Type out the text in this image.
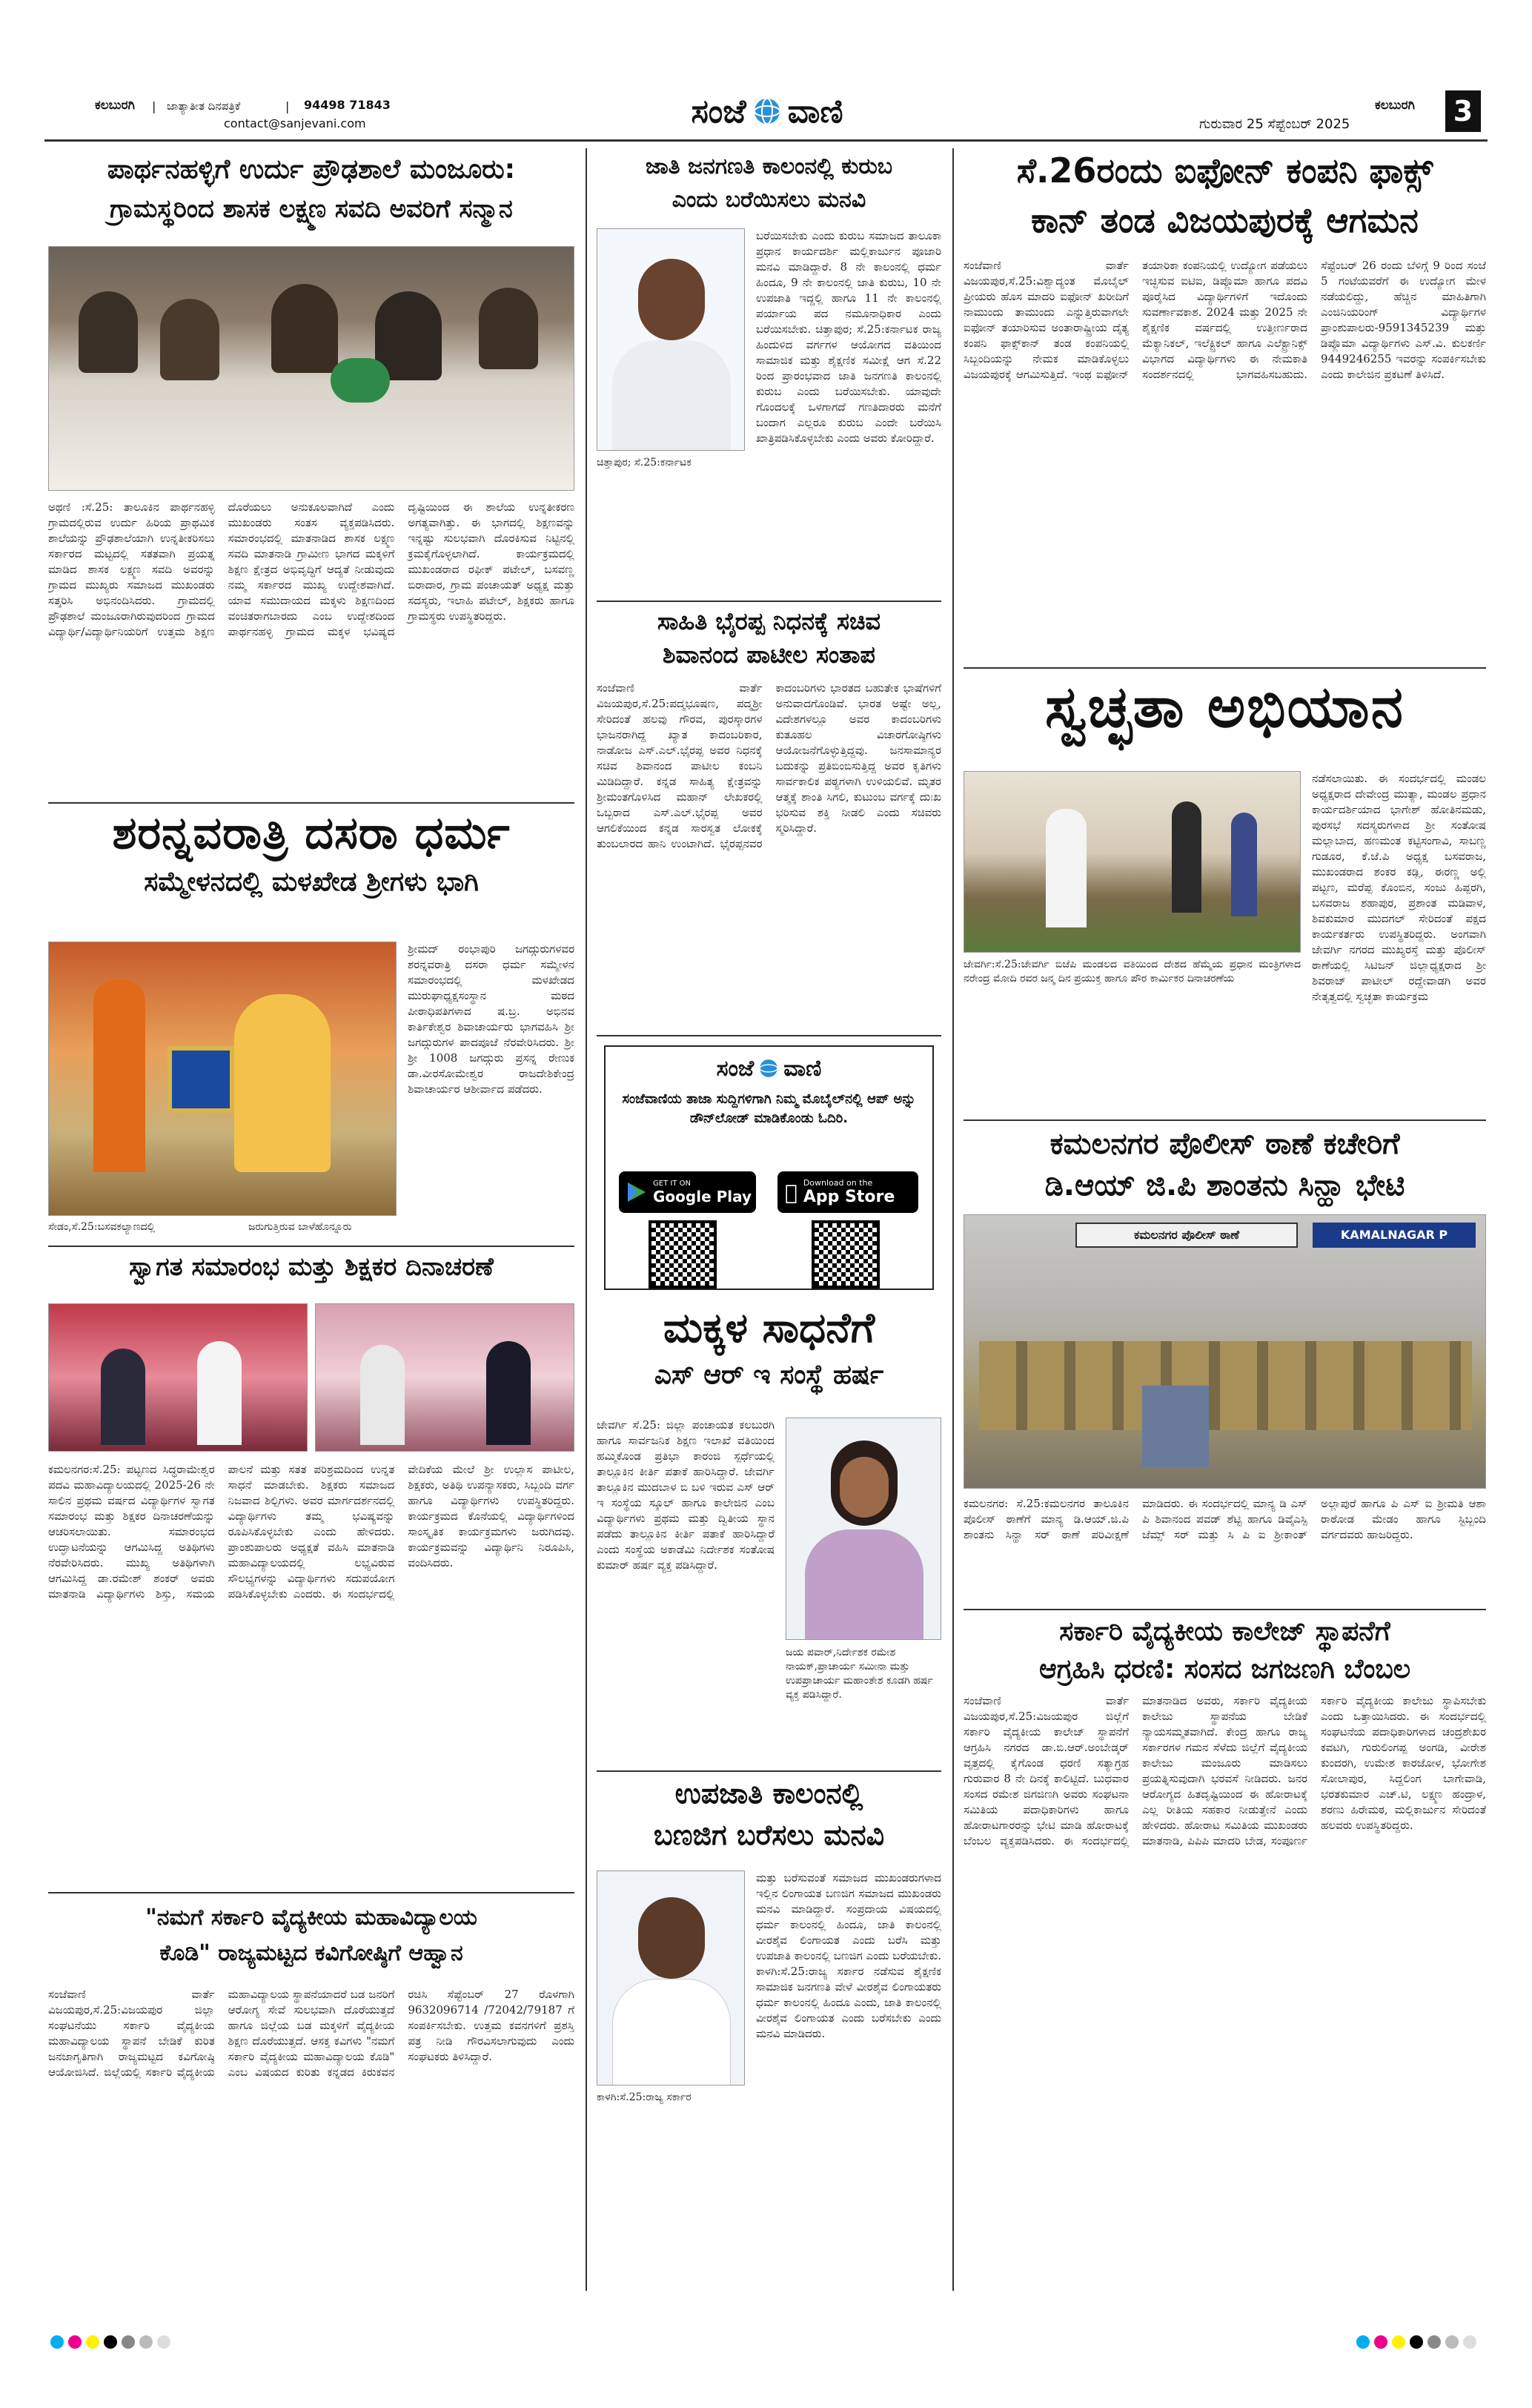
ಕಲಬುರಗಿ | ಜಾತ್ಯಾತೀತ ದಿನಪತ್ರಿಕೆ	| 94498 71843
contact@sanjevani.com	ಸಂಜೆ ವಾಣಿ	ಗುರುವಾರ 25 ಸೆಪ್ಟೆಂಬರ್ 2025
ಕಲಬುರಗಿ 3
ಪಾರ್ಥನಹಳ್ಳಿಗೆ ಉರ್ದು ಪ್ರೌಢಶಾಲೆ ಮಂಜೂರು:
ಗ್ರಾಮಸ್ಥರಿಂದ ಶಾಸಕ ಲಕ್ಷ್ಮಣ ಸವದಿ ಅವರಿಗೆ ಸನ್ಮಾನ
ಅಥಣಿ :ಸೆ.25: ತಾಲೂಕಿನ ಪಾರ್ಥನಹಳ್ಳಿ ಗ್ರಾಮದಲ್ಲಿರುವ ಉರ್ದು ಹಿರಿಯ ಪ್ರಾಥಮಿಕ ಶಾಲೆಯನ್ನು ಪ್ರೌಢಶಾಲೆಯಾಗಿ ಉನ್ನತೀಕರಿಸಲು ಸರ್ಕಾರದ ಮಟ್ಟದಲ್ಲಿ ಸತತವಾಗಿ ಪ್ರಯತ್ನ ಮಾಡಿದ ಶಾಸಕ ಲಕ್ಷ್ಮಣ ಸವದಿ ಅವರನ್ನು ಗ್ರಾಮದ ಮುಖ್ಯರು ಸಮಾಜದ ಮುಖಂಡರು ಸತ್ಕರಿಸಿ ಅಭಿನಂದಿಸಿದರು. ಗ್ರಾಮದಲ್ಲಿ ಪ್ರೌಢಶಾಲೆ ಮಂಜೂರಾಗಿರುವುದರಿಂದ ಗ್ರಾಮದ ವಿದ್ಯಾರ್ಥಿ/ವಿದ್ಯಾರ್ಥಿನಿಯರಿಗೆ ಉತ್ತಮ ಶಿಕ್ಷಣ ದೊರೆಯಲು ಅನುಕೂಲವಾಗಿದೆ ಎಂದು ಮುಖಂಡರು ಸಂತಸ ವ್ಯಕ್ತಪಡಿಸಿದರು. ಸಮಾರಂಭದಲ್ಲಿ ಮಾತನಾಡಿದ ಶಾಸಕ ಲಕ್ಷ್ಮಣ ಸವದಿ ಮಾತನಾಡಿ ಗ್ರಾಮೀಣ ಭಾಗದ ಮಕ್ಕಳಿಗೆ ಶಿಕ್ಷಣ ಕ್ಷೇತ್ರದ ಅಭಿವೃದ್ಧಿಗೆ ಆದ್ಯತೆ ನೀಡುವುದು ನಮ್ಮ ಸರ್ಕಾರದ ಮುಖ್ಯ ಉದ್ದೇಶವಾಗಿದೆ. ಯಾವ ಸಮುದಾಯದ ಮಕ್ಕಳು ಶಿಕ್ಷಣದಿಂದ ವಂಚಿತರಾಗಬಾರದು ಎಂಬ ಉದ್ದೇಶದಿಂದ ಪಾರ್ಥನಹಳ್ಳಿ ಗ್ರಾಮದ ಮಕ್ಕಳ ಭವಿಷ್ಯದ ದೃಷ್ಟಿಯಿಂದ ಈ ಶಾಲೆಯ ಉನ್ನತೀಕರಣ ಅಗತ್ಯವಾಗಿತ್ತು. ಈ ಭಾಗದಲ್ಲಿ ಶಿಕ್ಷಣವನ್ನು ಇನ್ನಷ್ಟು ಸುಲಭವಾಗಿ ದೊರಕಿಸುವ ನಿಟ್ಟಿನಲ್ಲಿ ಕ್ರಮಕೈಗೊಳ್ಳಲಾಗಿದೆ. ಕಾರ್ಯಕ್ರಮದಲ್ಲಿ ಮುಖಂಡರಾದ ರಫೀಕ್ ಪಟೇಲ್, ಬಸವಣ್ಣ ಬಿರಾದಾರ, ಗ್ರಾಮ ಪಂಚಾಯತ್ ಅಧ್ಯಕ್ಷ ಮತ್ತು ಸದಸ್ಯರು, ಇಲಾಹಿ ಪಟೇಲ್, ಶಿಕ್ಷಕರು ಹಾಗೂ ಗ್ರಾಮಸ್ಥರು ಉಪಸ್ಥಿತರಿದ್ದರು.
ಶರನ್ನವರಾತ್ರಿ ದಸರಾ ಧರ್ಮ
ಸಮ್ಮೇಳನದಲ್ಲಿ ಮಳಖೇಡ ಶ್ರೀಗಳು ಭಾಗಿ
ಶ್ರೀಮದ್ ರಂಭಾಪುರಿ ಜಗದ್ಗುರುಗಳವರ ಶರನ್ನವರಾತ್ರಿ ದಸರಾ ಧರ್ಮ ಸಮ್ಮೇಳನ ಸಮಾರಂಭದಲ್ಲಿ ಮಳಖೇಡದ ಮುರುಘಾಧ್ಯಕ್ಷಸಂಸ್ಥಾನ ಮಠದ ಪೀಠಾಧಿಪತಿಗಳಾದ ಷ.ಬ್ರ. ಅಭಿನವ ಕಾರ್ತಿಕೇಶ್ವರ ಶಿವಾಚಾರ್ಯರು ಭಾಗವಹಿಸಿ ಶ್ರೀ ಜಗದ್ಗುರುಗಳ ಪಾದಪೂಜೆ ನೆರವೇರಿಸಿದರು. ಶ್ರೀ ಶ್ರೀ 1008 ಜಗದ್ಗುರು ಪ್ರಸನ್ನ ರೇಣುಕ ಡಾ.ವೀರಸೋಮೇಶ್ವರ ರಾಜದೇಶಿಕೇಂದ್ರ ಶಿವಾಚಾರ್ಯರ ಆಶೀರ್ವಾದ ಪಡೆದರು.
ಸೇಡಂ,ಸೆ.25:ಬಸವಕಲ್ಯಾಣದಲ್ಲಿ	ಜರುಗುತ್ತಿರುವ ಬಾಳೆಹೊನ್ನೂರು
ಸ್ವಾಗತ ಸಮಾರಂಭ ಮತ್ತು ಶಿಕ್ಷಕರ ದಿನಾಚರಣೆ
ಕಮಲನಗರ:ಸೆ.25: ಪಟ್ಟಣದ ಸಿದ್ಧರಾಮೇಶ್ವರ ಪದವಿ ಮಹಾವಿದ್ಯಾಲಯದಲ್ಲಿ 2025-26 ನೇ ಸಾಲಿನ ಪ್ರಥಮ ವರ್ಷದ ವಿದ್ಯಾರ್ಥಿಗಳ ಸ್ವಾಗತ ಸಮಾರಂಭ ಮತ್ತು ಶಿಕ್ಷಕರ ದಿನಾಚರಣೆಯನ್ನು ಆಚರಿಸಲಾಯಿತು. ಸಮಾರಂಭದ ಉದ್ಘಾಟನೆಯನ್ನು ಆಗಮಿಸಿದ್ದ ಅತಿಥಿಗಳು ನೆರವೇರಿಸಿದರು. ಮುಖ್ಯ ಅತಿಥಿಗಳಾಗಿ ಆಗಮಿಸಿದ್ದ ಡಾ.ರಮೇಶ್ ಶಂಕರ್ ಅವರು ಮಾತನಾಡಿ ವಿದ್ಯಾರ್ಥಿಗಳು ಶಿಸ್ತು, ಸಮಯ ಪಾಲನೆ ಮತ್ತು ಸತತ ಪರಿಶ್ರಮದಿಂದ ಉನ್ನತ ಸಾಧನೆ ಮಾಡಬೇಕು. ಶಿಕ್ಷಕರು ಸಮಾಜದ ನಿಜವಾದ ಶಿಲ್ಪಿಗಳು. ಅವರ ಮಾರ್ಗದರ್ಶನದಲ್ಲಿ ವಿದ್ಯಾರ್ಥಿಗಳು ತಮ್ಮ ಭವಿಷ್ಯವನ್ನು ರೂಪಿಸಿಕೊಳ್ಳಬೇಕು ಎಂದು ಹೇಳಿದರು. ಪ್ರಾಂಶುಪಾಲರು ಅಧ್ಯಕ್ಷತೆ ವಹಿಸಿ ಮಾತನಾಡಿ ಮಹಾವಿದ್ಯಾಲಯದಲ್ಲಿ ಲಭ್ಯವಿರುವ ಸೌಲಭ್ಯಗಳನ್ನು ವಿದ್ಯಾರ್ಥಿಗಳು ಸದುಪಯೋಗ ಪಡಿಸಿಕೊಳ್ಳಬೇಕು ಎಂದರು. ಈ ಸಂದರ್ಭದಲ್ಲಿ ವೇದಿಕೆಯ ಮೇಲೆ ಶ್ರೀ ಉಲ್ಲಾಸ ಪಾಟೀಲ, ಶಿಕ್ಷಕರು, ಅತಿಥಿ ಉಪನ್ಯಾಸಕರು, ಸಿಬ್ಬಂದಿ ವರ್ಗ ಹಾಗೂ ವಿದ್ಯಾರ್ಥಿಗಳು ಉಪಸ್ಥಿತರಿದ್ದರು. ಕಾರ್ಯಕ್ರಮದ ಕೊನೆಯಲ್ಲಿ ವಿದ್ಯಾರ್ಥಿಗಳಿಂದ ಸಾಂಸ್ಕೃತಿಕ ಕಾರ್ಯಕ್ರಮಗಳು ಜರುಗಿದವು. ಕಾರ್ಯಕ್ರಮವನ್ನು ವಿದ್ಯಾರ್ಥಿನಿ ನಿರೂಪಿಸಿ, ವಂದಿಸಿದರು.
"ನಮಗೆ ಸರ್ಕಾರಿ ವೈದ್ಯಕೀಯ ಮಹಾವಿದ್ಯಾಲಯ
ಕೊಡಿ" ರಾಜ್ಯಮಟ್ಟದ ಕವಿಗೋಷ್ಠಿಗೆ ಆಹ್ವಾನ
ಸಂಜೆವಾಣಿ ವಾರ್ತೆ ವಿಜಯಪುರ,ಸೆ.25:ವಿಜಯಪುರ ಜಿಲ್ಲಾ ಸಂಘಟನೆಯು ಸರ್ಕಾರಿ ವೈದ್ಯಕೀಯ ಮಹಾವಿದ್ಯಾಲಯ ಸ್ಥಾಪನೆ ಬೇಡಿಕೆ ಕುರಿತ ಜನಜಾಗೃತಿಗಾಗಿ ರಾಜ್ಯಮಟ್ಟದ ಕವಿಗೋಷ್ಠಿ ಆಯೋಜಿಸಿದೆ. ಜಿಲ್ಲೆಯಲ್ಲಿ ಸರ್ಕಾರಿ ವೈದ್ಯಕೀಯ ಮಹಾವಿದ್ಯಾಲಯ ಸ್ಥಾಪನೆಯಾದರೆ ಬಡ ಜನರಿಗೆ ಆರೋಗ್ಯ ಸೇವೆ ಸುಲಭವಾಗಿ ದೊರೆಯುತ್ತದೆ ಹಾಗೂ ಜಿಲ್ಲೆಯ ಬಡ ಮಕ್ಕಳಿಗೆ ವೈದ್ಯಕೀಯ ಶಿಕ್ಷಣ ದೊರೆಯುತ್ತದೆ. ಆಸಕ್ತ ಕವಿಗಳು "ನಮಗೆ ಸರ್ಕಾರಿ ವೈದ್ಯಕೀಯ ಮಹಾವಿದ್ಯಾಲಯ ಕೊಡಿ" ಎಂಬ ವಿಷಯದ ಕುರಿತು ಕನ್ನಡದ ಕಿರುಕವನ ರಚಿಸಿ ಸೆಪ್ಟೆಂಬರ್ 27 ರೊಳಗಾಗಿ 9632096714 /72042/79187 ಗೆ ಸಂಪರ್ಕಿಸಬೇಕು. ಉತ್ತಮ ಕವನಗಳಿಗೆ ಪ್ರಶಸ್ತಿ ಪತ್ರ ನೀಡಿ ಗೌರವಿಸಲಾಗುವುದು ಎಂದು ಸಂಘಟಕರು ತಿಳಿಸಿದ್ದಾರೆ.
ಜಾತಿ ಜನಗಣತಿ ಕಾಲಂನಲ್ಲಿ ಕುರುಬ
ಎಂದು ಬರೆಯಿಸಲು ಮನವಿ
ಚಿತ್ತಾಪುರ; ಸೆ.25:ಕರ್ನಾಟಕ
ಬರೆಯಿಸಬೇಕು ಎಂದು ಕುರುಬ ಸಮಾಜದ ತಾಲೂಕಾ ಪ್ರಧಾನ ಕಾರ್ಯದರ್ಶಿ ಮಲ್ಲಿಕಾರ್ಜುನ ಪೂಜಾರಿ ಮನವಿ ಮಾಡಿದ್ದಾರೆ. 8 ನೇ ಕಾಲಂನಲ್ಲಿ ಧರ್ಮ ಹಿಂದೂ, 9 ನೇ ಕಾಲಂನಲ್ಲಿ ಜಾತಿ ಕುರುಬ, 10 ನೇ ಉಪಜಾತಿ ಇದ್ದಲ್ಲಿ ಹಾಗೂ 11 ನೇ ಕಾಲಂನಲ್ಲಿ ಪರ್ಯಾಯ ಪದ ನಮೂನಾಧಿಕಾರ ಎಂದು ಬರೆಯಿಸಬೇಕು. ಚಿತ್ತಾಪುರ; ಸೆ.25:ಕರ್ನಾಟಕ ರಾಜ್ಯ ಹಿಂದುಳಿದ ವರ್ಗಗಳ ಆಯೋಗದ ವತಿಯಿಂದ ಸಾಮಾಜಿಕ ಮತ್ತು ಶೈಕ್ಷಣಿಕ ಸಮೀಕ್ಷೆ ಆಗ ಸೆ.22 ರಿಂದ ಪ್ರಾರಂಭವಾದ ಜಾತಿ ಜನಗಣತಿ ಕಾಲಂನಲ್ಲಿ ಕುರುಬ ಎಂದು ಬರೆಯಿಸಬೇಕು. ಯಾವುದೇ ಗೊಂದಲಕ್ಕೆ ಒಳಗಾಗದೆ ಗಣತಿದಾರರು ಮನೆಗೆ ಬಂದಾಗ ಎಲ್ಲರೂ ಕುರುಬ ಎಂದೇ ಬರೆಯಿಸಿ ಖಾತ್ರಿಪಡಿಸಿಕೊಳ್ಳಬೇಕು ಎಂದು ಅವರು ಕೋರಿದ್ದಾರೆ.
ಸಾಹಿತಿ ಭೈರಪ್ಪ ನಿಧನಕ್ಕೆ ಸಚಿವ
ಶಿವಾನಂದ ಪಾಟೀಲ ಸಂತಾಪ
ಸಂಜೆವಾಣಿ ವಾರ್ತೆ ವಿಜಯಪುರ,ಸೆ.25:ಪದ್ಮಭೂಷಣ, ಪದ್ಮಶ್ರೀ ಸೇರಿದಂತೆ ಹಲವು ಗೌರವ, ಪುರಸ್ಕಾರಗಳ ಭಾಜನರಾಗಿದ್ದ ಖ್ಯಾತ ಕಾದಂಬರಿಕಾರ, ನಾಡೋಜ ಎಸ್.ಎಲ್.ಭೈರಪ್ಪ ಅವರ ನಿಧನಕ್ಕೆ ಸಚಿವ ಶಿವಾನಂದ ಪಾಟೀಲ ಕಂಬನಿ ಮಿಡಿದಿದ್ದಾರೆ. ಕನ್ನಡ ಸಾಹಿತ್ಯ ಕ್ಷೇತ್ರವನ್ನು ಶ್ರೀಮಂತಗೊಳಿಸಿದ ಮಹಾನ್ ಲೇಖಕರಲ್ಲಿ ಒಬ್ಬರಾದ ಎಸ್.ಎಲ್.ಭೈರಪ್ಪ ಅವರ ಆಗಲಿಕೆಯಿಂದ ಕನ್ನಡ ಸಾರಸ್ವತ ಲೋಕಕ್ಕೆ ತುಂಬಲಾರದ ಹಾನಿ ಉಂಟಾಗಿದೆ. ಭೈರಪ್ಪನವರ ಕಾದಂಬರಿಗಳು ಭಾರತದ ಬಹುತೇಕ ಭಾಷೆಗಳಿಗೆ ಅನುವಾದಗೊಂಡಿವೆ. ಭಾರತ ಅಷ್ಟೇ ಅಲ್ಲ, ವಿದೇಶಗಳಲ್ಲೂ ಅವರ ಕಾದಂಬರಿಗಳು ಕುತೂಹಲ ವಿಚಾರಗೋಷ್ಠಿಗಳು ಆಯೋಜನೆಗೊಳ್ಳುತ್ತಿದ್ದವು. ಜನಸಾಮಾನ್ಯರ ಬದುಕನ್ನು ಪ್ರತಿಬಿಂಬಿಸುತ್ತಿದ್ದ ಅವರ ಕೃತಿಗಳು ಸಾರ್ವಕಾಲಿಕ ಪಠ್ಯಗಳಾಗಿ ಉಳಿಯಲಿವೆ. ಮೃತರ ಆತ್ಮಕ್ಕೆ ಶಾಂತಿ ಸಿಗಲಿ, ಕುಟುಂಬ ವರ್ಗಕ್ಕೆ ದುಃಖ ಭರಿಸುವ ಶಕ್ತಿ ನೀಡಲಿ ಎಂದು ಸಚಿವರು ಸ್ಮರಿಸಿದ್ದಾರೆ.
ಸಂಜೆ ವಾಣಿ
ಸಂಜೆವಾಣಿಯ ತಾಜಾ ಸುದ್ದಿಗಳಿಗಾಗಿ ನಿಮ್ಮ ಮೊಬೈಲ್‌ನಲ್ಲಿ ಆಪ್ ಅನ್ನು ಡೌನ್‌ಲೋಡ್ ಮಾಡಿಕೊಂಡು ಓದಿರಿ.
GET IT ON
Google Play
Download on the
App Store
ಮಕ್ಕಳ ಸಾಧನೆಗೆ
ಎಸ್ ಆರ್ ಇ ಸಂಸ್ಥೆ ಹರ್ಷ
ಜೇವರ್ಗಿ ಸೆ.25: ಜಿಲ್ಲಾ ಪಂಚಾಯತ ಕಲಬುರಗಿ ಹಾಗೂ ಸಾರ್ವಜನಿಕ ಶಿಕ್ಷಣ ಇಲಾಖೆ ವತಿಯಿಂದ ಹಮ್ಮಿಕೊಂಡ ಪ್ರತಿಭಾ ಕಾರಂಜಿ ಸ್ಪರ್ಧೆಯಲ್ಲಿ ತಾಲ್ಲೂಕಿನ ಕೀರ್ತಿ ಪತಾಕೆ ಹಾರಿಸಿದ್ದಾರೆ. ಜೇವರ್ಗಿ ತಾಲ್ಲೂಕಿನ ಮುದಬಾಳ ಬಿ ಬಳಿ ಇರುವ ಎಸ್ ಆರ್ ಇ ಸಂಸ್ಥೆಯ ಸ್ಕೂಲ್ ಹಾಗೂ ಕಾಲೇಜಿನ ಎಂಬ ವಿದ್ಯಾರ್ಥಿಗಳು ಪ್ರಥಮ ಮತ್ತು ದ್ವಿತೀಯ ಸ್ಥಾನ ಪಡೆದು ತಾಲ್ಲೂಕಿನ ಕೀರ್ತಿ ಪತಾಕೆ ಹಾರಿಸಿದ್ದಾರೆ ಎಂದು ಸಂಸ್ಥೆಯ ಅಕಾಡೆಮಿ ನಿರ್ದೇಶಕ ಸಂತೋಷ ಕುಮಾರ್ ಹರ್ಷ ವ್ಯಕ್ತ ಪಡಿಸಿದ್ದಾರೆ.
ಜಯ ಪವಾರ್,ನಿರ್ದೇಶಕ ರಮೇಶ ನಾಯಕ್,ಪ್ರಾಚಾರ್ಯ ಸಮೀನಾ ಮತ್ತು ಉಪಪ್ರಾಚಾರ್ಯ ಮಹಾಂತೇಶ ಕೂಡಗಿ ಹರ್ಷ ವ್ಯಕ್ತ ಪಡಿಸಿದ್ದಾರೆ.
ಉಪಜಾತಿ ಕಾಲಂನಲ್ಲಿ
ಬಣಜಿಗ ಬರೆಸಲು ಮನವಿ
ಕಾಳಗಿ:ಸೆ.25:ರಾಜ್ಯ ಸರ್ಕಾರ
ಮತ್ತು ಬರೆಸುವಂತೆ ಸಮಾಜದ ಮುಖಂಡರುಗಳಾದ ಇಲ್ಲಿನ ಲಿಂಗಾಯತ ಬಣಜಿಗ ಸಮಾಜದ ಮುಖಂಡರು ಮನವಿ ಮಾಡಿದ್ದಾರೆ. ಸಂಪ್ರದಾಯ ವಿಷಯದಲ್ಲಿ ಧರ್ಮ ಕಾಲಂನಲ್ಲಿ ಹಿಂದೂ, ಜಾತಿ ಕಾಲಂನಲ್ಲಿ ವೀರಶೈವ ಲಿಂಗಾಯತ ಎಂದು ಬರೆಸಿ ಮತ್ತು ಉಪಜಾತಿ ಕಾಲಂನಲ್ಲಿ ಬಣಜಿಗ ಎಂದು ಬರೆಯಬೇಕು. ಕಾಳಗಿ:ಸೆ.25:ರಾಜ್ಯ ಸರ್ಕಾರ ನಡೆಸುವ ಶೈಕ್ಷಣಿಕ ಸಾಮಾಜಿಕ ಜನಗಣತಿ ವೇಳೆ ವೀರಶೈವ ಲಿಂಗಾಯತರು ಧರ್ಮ ಕಾಲಂನಲ್ಲಿ ಹಿಂದೂ ಎಂದು, ಜಾತಿ ಕಾಲಂನಲ್ಲಿ ವೀರಶೈವ ಲಿಂಗಾಯತ ಎಂದು ಬರೆಸಬೇಕು ಎಂದು ಮನವಿ ಮಾಡಿದರು.
ಸೆ.26ರಂದು ಐಫೋನ್ ಕಂಪನಿ ಫಾಕ್ಸ್
ಕಾನ್ ತಂಡ ವಿಜಯಪುರಕ್ಕೆ ಆಗಮನ
ಸಂಜೆವಾಣಿ ವಾರ್ತೆ ವಿಜಯಪುರ,ಸೆ.25:ವಿಶ್ವಾದ್ಯಂತ ಮೊಬೈಲ್ ಪ್ರೀಯರು ಹೊಸ ಮಾದರಿ ಐಫೋನ್ ಖರೀದಿಗೆ ನಾಮುಂದು ತಾಮುಂದು ಎನ್ನುತ್ತಿರುವಾಗಲೇ ಐಫೋನ್ ತಯಾರಿಸುವ ಅಂತಾರಾಷ್ಟ್ರೀಯ ದೈತ್ಯ ಕಂಪನಿ ಫಾಕ್ಸ್‌ಕಾನ್ ತಂಡ ಕಂಪನಿಯಲ್ಲಿ ಸಿಬ್ಬಂದಿಯನ್ನು ನೇಮಕ ಮಾಡಿಕೊಳ್ಳಲು ವಿಜಯಪುರಕ್ಕೆ ಆಗಮಿಸುತ್ತಿದೆ. ಇಂಥ ಐಫೋನ್ ತಯಾರಿಕಾ ಕಂಪನಿಯಲ್ಲಿ ಉದ್ಯೋಗ ಪಡೆಯಲು ಇಚ್ಛಿಸುವ ಐಟಿಐ, ಡಿಪ್ಲೊಮಾ ಹಾಗೂ ಪದವಿ ಪೂರೈಸಿದ ವಿದ್ಯಾರ್ಥಿಗಳಿಗೆ ಇದೊಂದು ಸುವರ್ಣಾವಕಾಶ. 2024 ಮತ್ತು 2025 ನೇ ಶೈಕ್ಷಣಿಕ ವರ್ಷದಲ್ಲಿ ಉತ್ತೀರ್ಣರಾದ ಮೆಕ್ಯಾನಿಕಲ್, ಇಲೆಕ್ಟ್ರಿಕಲ್ ಹಾಗೂ ಎಲೆಕ್ಟ್ರಾನಿಕ್ಸ್ ವಿಭಾಗದ ವಿದ್ಯಾರ್ಥಿಗಳು ಈ ನೇಮಕಾತಿ ಸಂದರ್ಶನದಲ್ಲಿ ಭಾಗವಹಿಸಬಹುದು. ಸೆಪ್ಟೆಂಬರ್ 26 ರಂದು ಬೆಳಿಗ್ಗೆ 9 ರಿಂದ ಸಂಜೆ 5 ಗಂಟೆಯವರೆಗೆ ಈ ಉದ್ಯೋಗ ಮೇಳ ನಡೆಯಲಿದ್ದು, ಹೆಚ್ಚಿನ ಮಾಹಿತಿಗಾಗಿ ಎಂಜಿನಿಯರಿಂಗ್ ವಿದ್ಯಾರ್ಥಿಗಳ ಪ್ರಾಂಶುಪಾಲರು-9591345239 ಮತ್ತು ಡಿಪ್ಲೊಮಾ ವಿದ್ಯಾರ್ಥಿಗಳು ಎಸ್.ವಿ. ಕುಲಕರ್ಣಿ 9449246255 ಇವರನ್ನು ಸಂಪರ್ಕಿಸಬೇಕು ಎಂದು ಕಾಲೇಜಿನ ಪ್ರಕಟಣೆ ತಿಳಿಸಿದೆ.
ಸ್ವಚ್ಛತಾ ಅಭಿಯಾನ
ನಡೆಸಲಾಯಿತು. ಈ ಸಂದರ್ಭದಲ್ಲಿ ಮಂಡಲ ಅಧ್ಯಕ್ಷರಾದ ದೇವೇಂದ್ರ ಮುತ್ಯಾ, ಮಂಡಲ ಪ್ರಧಾನ ಕಾರ್ಯದರ್ಶಿಯಾದ ಭಾಗೇಶ್ ಹೋತಿನಮಡು, ಪುರಸಭೆ ಸದಸ್ಯರುಗಳಾದ ಶ್ರೀ ಸಂತೋಷ ಮಲ್ಲಾಬಾದ, ಹಣಮಂತ ಕಟ್ಟಿಸಂಗಾವಿ, ಸಾಬಣ್ಣ ಗುಡೂರ, ಕೆ.ಜೆ.ಪಿ ಅಧ್ಯಕ್ಷ ಬಸವರಾಜ, ಮುಖಂಡರಾದ ಶಂಕರ ಕಡ್ಲಿ, ಈರಣ್ಣ ಅಲ್ಲಿ ಪಟ್ಟಣ, ಮರೆಪ್ಪ ಕೊಂಬಿನ, ಸಂಜು ಹಿಪ್ಪರಗಿ, ಬಸವರಾಜ ಶಹಾಪುರ, ಪ್ರಶಾಂತ ಮಡಿವಾಳ, ಶಿವಕುಮಾರ ಮುದಗಲ್ ಸೇರಿದಂತೆ ಪಕ್ಷದ ಕಾರ್ಯಕರ್ತರು ಉಪಸ್ಥಿತರಿದ್ದರು. ಅಂಗವಾಗಿ ಜೇವರ್ಗಿ ನಗರದ ಮುಖ್ಯರಸ್ತೆ ಮತ್ತು ಪೊಲೀಸ್ ಠಾಣೆಯಲ್ಲಿ ಸಿಟಿಜನ್ ಜಿಲ್ಲಾಧ್ಯಕ್ಷರಾದ ಶ್ರೀ ಶಿವರಾಜ್ ಪಾಟೀಲ್ ರದ್ದೇವಾಡಗಿ ಅವರ ನೇತೃತ್ವದಲ್ಲಿ ಸ್ವಚ್ಛತಾ ಕಾರ್ಯಕ್ರಮ
ಜೇವರ್ಗಿ:ಸೆ.25:ಜೇವರ್ಗಿ ಬಿಜೆಪಿ ಮಂಡಲದ ವತಿಯಿಂದ ದೇಶದ ಹೆಮ್ಮೆಯ ಪ್ರಧಾನ ಮಂತ್ರಿಗಳಾದ ನರೇಂದ್ರ ಮೋದಿ ರವರ ಜನ್ಮ ದಿನ ಪ್ರಯುಕ್ತ ಹಾಗೂ ಪೌರ ಕಾರ್ಮಿಕರ ದಿನಾಚರಣೆಯ
ಕಮಲನಗರ ಪೊಲೀಸ್ ಠಾಣೆ ಕಚೇರಿಗೆ
ಡಿ.ಆಯ್ ಜಿ.ಪಿ ಶಾಂತನು ಸಿನ್ಹಾ ಭೇಟಿ
ಕಮಲನಗರ ಪೊಲೀಸ್ ಠಾಣೆ	KAMALNAGAR P
ಕಮಲನಗರ: ಸೆ.25:ಕಮಲನಗರ ತಾಲೂಕಿನ ಪೊಲೀಸ್ ಠಾಣೆಗೆ ಮಾನ್ಯ ಡಿ.ಆಯ್.ಜಿ.ಪಿ ಶಾಂತನು ಸಿನ್ಹಾ ಸರ್ ಠಾಣೆ ಪರಿವೀಕ್ಷಣೆ ಮಾಡಿದರು. ಈ ಸಂದರ್ಭದಲ್ಲಿ ಮಾನ್ಯ ಡಿ ಎಸ್ ಪಿ ಶಿವಾನಂದ ಪವಡ್ ಶೆಟ್ಟಿ ಹಾಗೂ ಡಿವೈಎಸ್ಪಿ ಜೆಮ್ಸ್ ಸರ್ ಮತ್ತು ಸಿ ಪಿ ಐ ಶ್ರೀಕಾಂತ್ ಅಲ್ಲಾಪುರೆ ಹಾಗೂ ಪಿ ಎಸ್ ಐ ಶ್ರೀಮತಿ ಆಶಾ ರಾಠೋಡ ಮೇಡಂ ಹಾಗೂ ಸ್ಟಿಬ್ಬಂದಿ ವರ್ಗದವರು ಹಾಜರಿದ್ದರು.
ಸರ್ಕಾರಿ ವೈದ್ಯಕೀಯ ಕಾಲೇಜ್ ಸ್ಥಾಪನೆಗೆ
ಆಗ್ರಹಿಸಿ ಧರಣಿ: ಸಂಸದ ಜಗಜಣಗಿ ಬೆಂಬಲ
ಸಂಜೆವಾಣಿ ವಾರ್ತೆ ವಿಜಯಪುರ,ಸೆ.25:ವಿಜಯಪುರ ಜಿಲ್ಲೆಗೆ ಸರ್ಕಾರಿ ವೈದ್ಯಕೀಯ ಕಾಲೇಜ್ ಸ್ಥಾಪನೆಗೆ ಆಗ್ರಹಿಸಿ ನಗರದ ಡಾ.ಬಿ.ಆರ್.ಅಂಬೇಡ್ಕರ್ ವೃತ್ತದಲ್ಲಿ ಕೈಗೊಂಡ ಧರಣಿ ಸತ್ಯಾಗ್ರಹ ಗುರುವಾರ 8 ನೇ ದಿನಕ್ಕೆ ಕಾಲಿಟ್ಟಿದೆ. ಬುಧವಾರ ಸಂಸದ ರಮೇಶ ಜಿಗಜಿಣಗಿ ಅವರು ಸಂಘಟನಾ ಸಮಿತಿಯ ಪದಾಧಿಕಾರಿಗಳು ಹಾಗೂ ಹೋರಾಟಗಾರರನ್ನು ಭೇಟಿ ಮಾಡಿ ಹೋರಾಟಕ್ಕೆ ಬೆಂಬಲ ವ್ಯಕ್ತಪಡಿಸಿದರು. ಈ ಸಂದರ್ಭದಲ್ಲಿ ಮಾತನಾಡಿದ ಅವರು, ಸರ್ಕಾರಿ ವೈದ್ಯಕೀಯ ಕಾಲೇಜು ಸ್ಥಾಪನೆಯ ಬೇಡಿಕೆ ನ್ಯಾಯಸಮ್ಮತವಾಗಿದೆ. ಕೇಂದ್ರ ಹಾಗೂ ರಾಜ್ಯ ಸರ್ಕಾರಗಳ ಗಮನ ಸೆಳೆದು ಜಿಲ್ಲೆಗೆ ವೈದ್ಯಕೀಯ ಕಾಲೇಜು ಮಂಜೂರು ಮಾಡಿಸಲು ಪ್ರಯತ್ನಿಸುವುದಾಗಿ ಭರವಸೆ ನೀಡಿದರು. ಜನರ ಆರೋಗ್ಯದ ಹಿತದೃಷ್ಟಿಯಿಂದ ಈ ಹೋರಾಟಕ್ಕೆ ಎಲ್ಲ ರೀತಿಯ ಸಹಕಾರ ನೀಡುತ್ತೇನೆ ಎಂದು ಹೇಳಿದರು. ಹೋರಾಟ ಸಮಿತಿಯ ಮುಖಂಡರು ಮಾತನಾಡಿ, ಪಿಪಿಪಿ ಮಾದರಿ ಬೇಡ, ಸಂಪೂರ್ಣ ಸರ್ಕಾರಿ ವೈದ್ಯಕೀಯ ಕಾಲೇಜು ಸ್ಥಾಪಿಸಬೇಕು ಎಂದು ಒತ್ತಾಯಿಸಿದರು. ಈ ಸಂದರ್ಭದಲ್ಲಿ ಸಂಘಟನೆಯ ಪದಾಧಿಕಾರಿಗಳಾದ ಚಂದ್ರಶೇಖರ ಕವಟಗಿ, ಗುರುಲಿಂಗಪ್ಪ ಅಂಗಡಿ, ವೀರೇಶ ಕುಂದರಗಿ, ಉಮೇಶ ಕಾರಜೋಳ, ಭೋಗೇಶ ಸೋಲಾಪುರ, ಸಿದ್ದಲಿಂಗ ಬಾಗೇವಾಡಿ, ಭರತಕುಮಾರ ಎಚ್.ಟಿ, ಲಕ್ಷ್ಮಣ ಹಂದ್ರಾಳ, ಶರಣು ಹಿರೇಮಠ, ಮಲ್ಲಿಕಾರ್ಜುನ ಸೇರಿದಂತೆ ಹಲವರು ಉಪಸ್ಥಿತರಿದ್ದರು.
